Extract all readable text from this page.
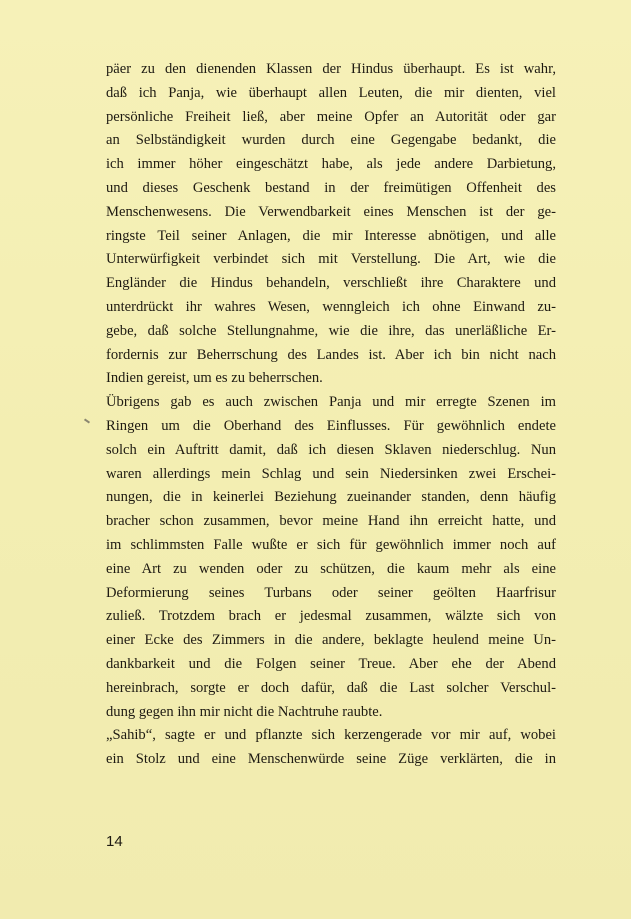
päer zu den dienenden Klassen der Hindus überhaupt. Es ist wahr,
daß ich Panja, wie überhaupt allen Leuten, die mir dienten, viel
persönliche Freiheit ließ, aber meine Opfer an Autorität oder gar
an Selbständigkeit wurden durch eine Gegengabe bedankt, die
ich immer höher eingeschätzt habe, als jede andere Darbietung,
und dieses Geschenk bestand in der freimütigen Offenheit des
Menschenwesens. Die Verwendbarkeit eines Menschen ist der ge-
ringste Teil seiner Anlagen, die mir Interesse abnötigen, und alle
Unterwürfigkeit verbindet sich mit Verstellung. Die Art, wie die
Engländer die Hindus behandeln, verschließt ihre Charaktere und
unterdrückt ihr wahres Wesen, wenngleich ich ohne Einwand zu-
gebe, daß solche Stellungnahme, wie die ihre, das unerläßliche Er-
fordernis zur Beherrschung des Landes ist. Aber ich bin nicht nach
Indien gereist, um es zu beherrschen.
Übrigens gab es auch zwischen Panja und mir erregte Szenen im
Ringen um die Oberhand des Einflusses. Für gewöhnlich endete
solch ein Auftritt damit, daß ich diesen Sklaven niederschlug. Nun
waren allerdings mein Schlag und sein Niedersinken zwei Erschei-
nungen, die in keinerlei Beziehung zueinander standen, denn häufig
bracher schon zusammen, bevor meine Hand ihn erreicht hatte, und
im schlimmsten Falle wußte er sich für gewöhnlich immer noch auf
eine Art zu wenden oder zu schützen, die kaum mehr als eine
Deformierung seines Turbans oder seiner geölten Haarfrisur
zuließ. Trotzdem brach er jedesmal zusammen, wälzte sich von
einer Ecke des Zimmers in die andere, beklagte heulend meine Un-
dankbarkeit und die Folgen seiner Treue. Aber ehe der Abend
hereinbrach, sorgte er doch dafür, daß die Last solcher Verschul-
dung gegen ihn mir nicht die Nachtruhe raubte.
„Sahib“, sagte er und pflanzte sich kerzengerade vor mir auf, wobei
ein Stolz und eine Menschenwürde seine Züge verklärten, die in
14
